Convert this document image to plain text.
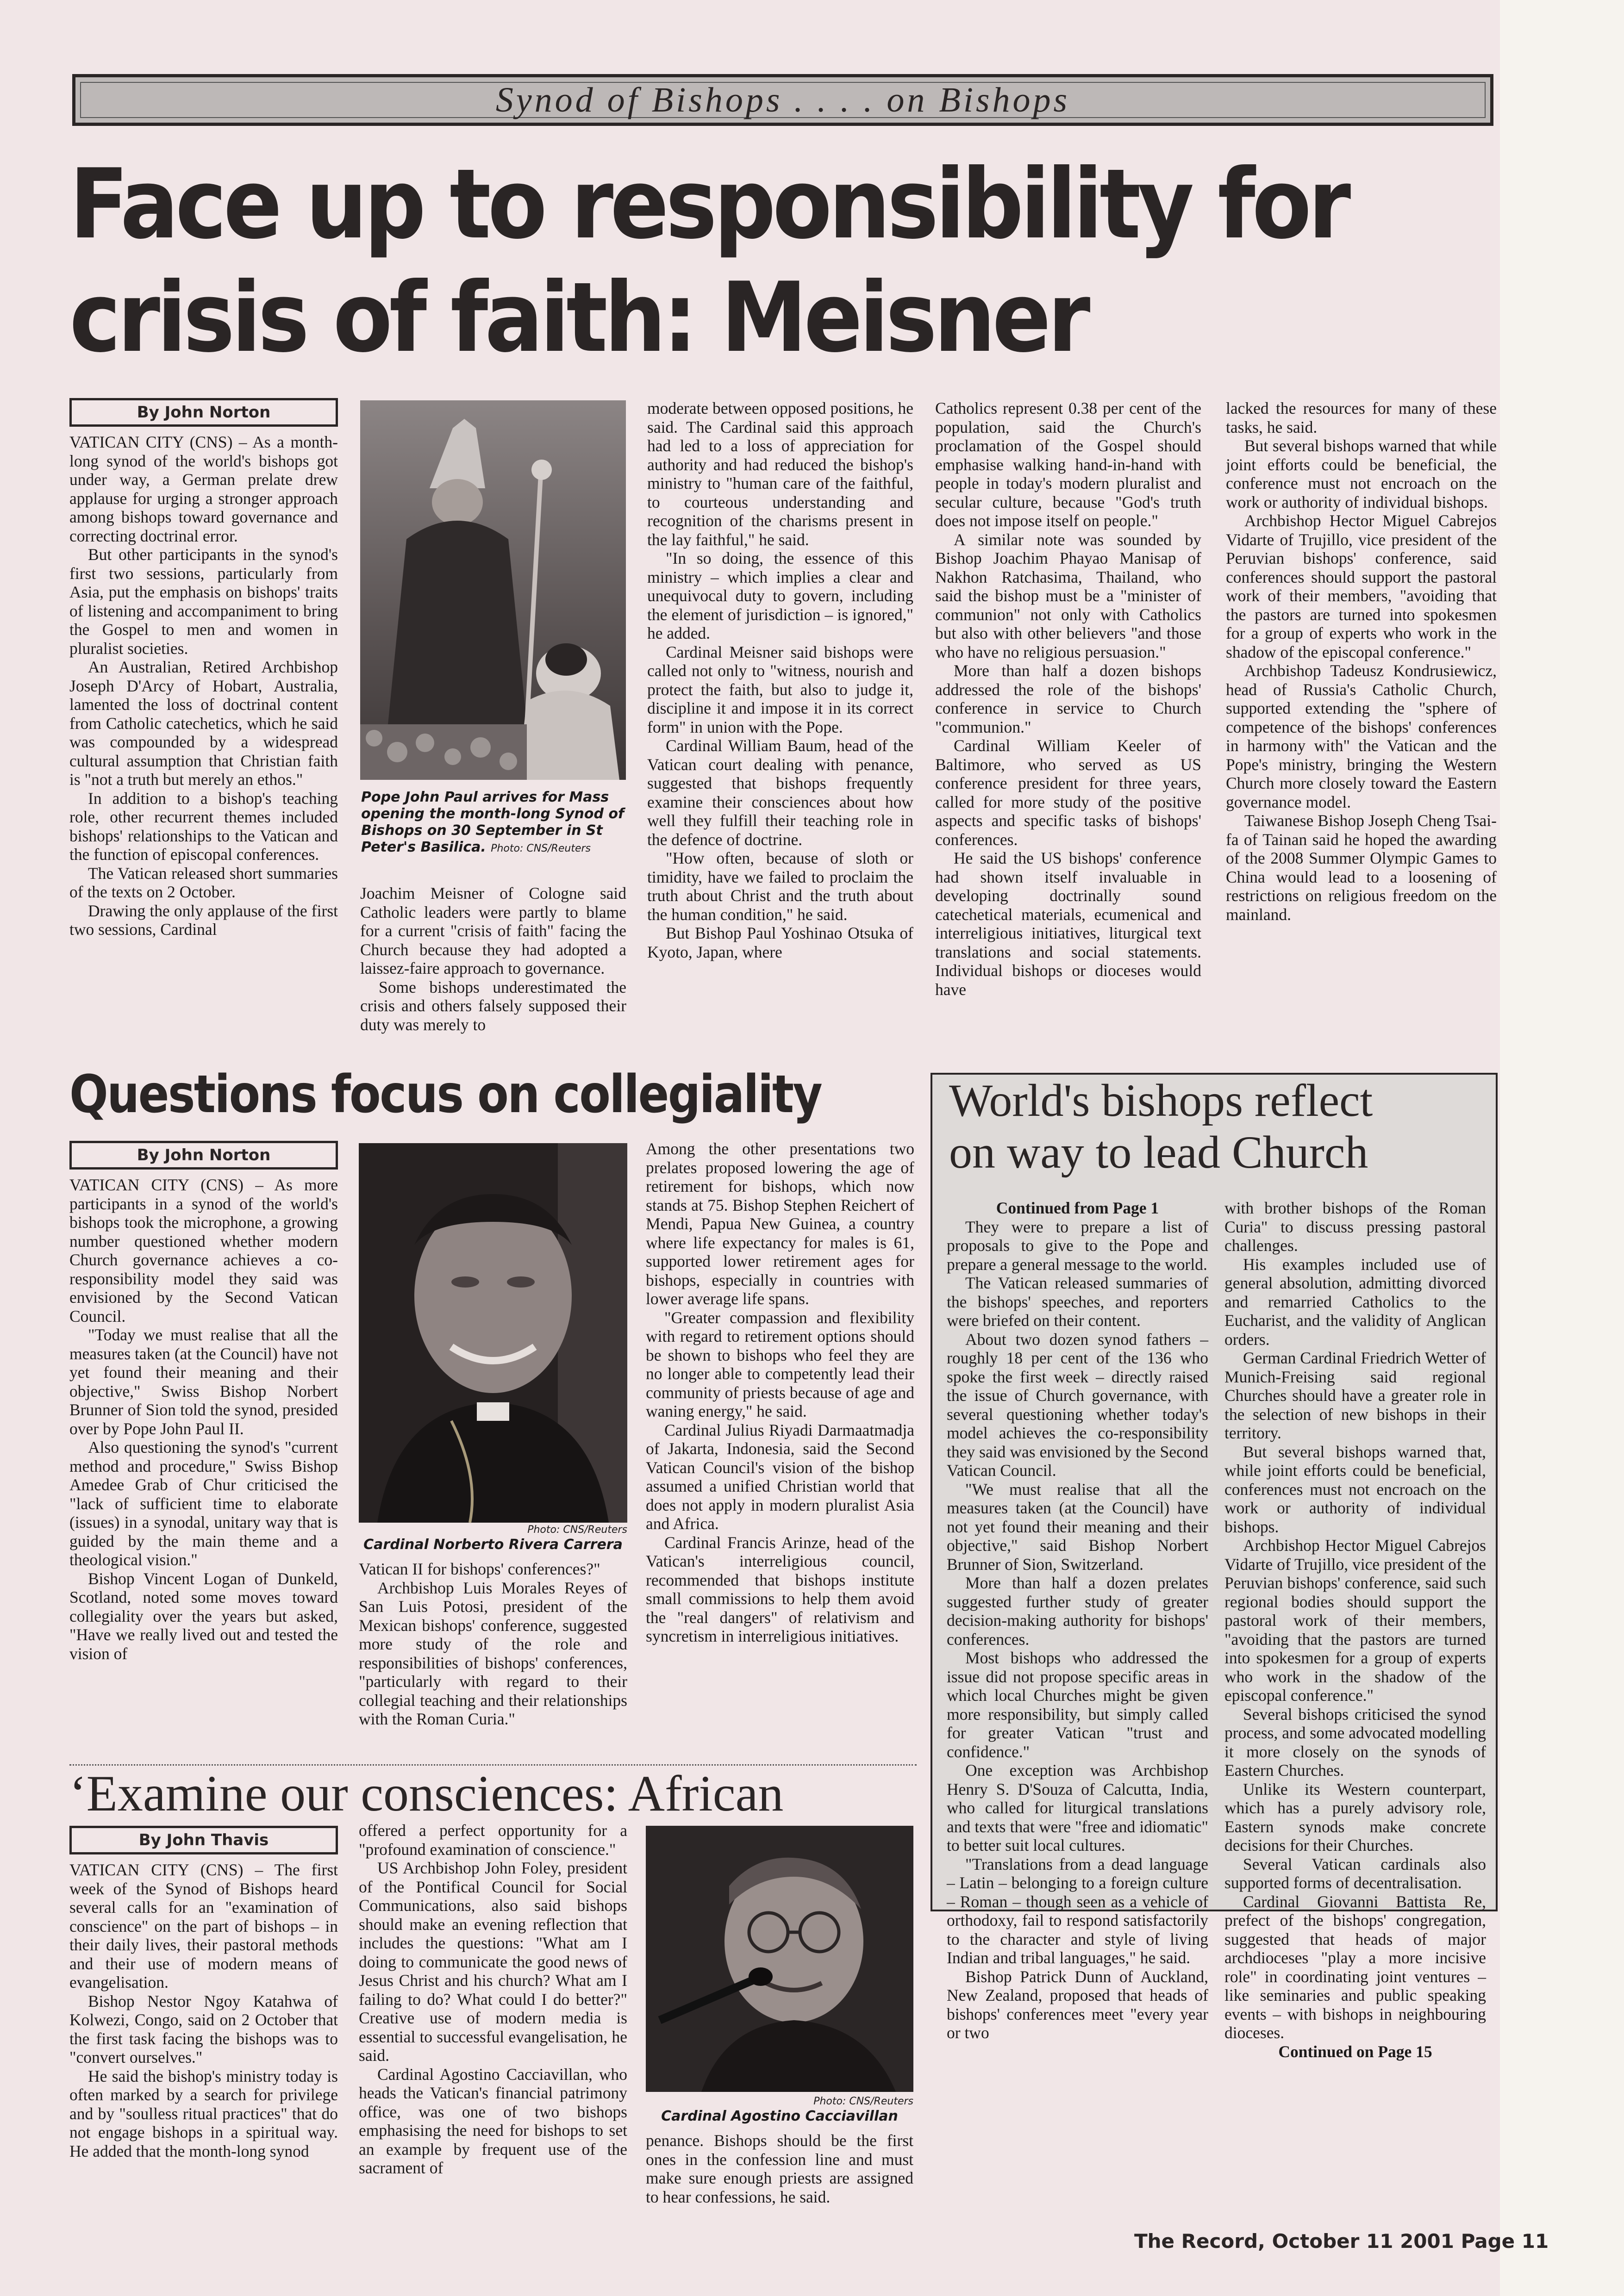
Synod of Bishops . . . . on Bishops
Face up to responsibility for
crisis of faith: Meisner
By John Norton

VATICAN CITY (CNS) – As a month-long synod of the world's bishops got under way, a German prelate drew applause for urging a stronger approach among bishops toward governance and correcting doctrinal error.

But other participants in the synod's first two sessions, particularly from Asia, put the emphasis on bishops' traits of listening and accompaniment to bring the Gospel to men and women in pluralist societies.

An Australian, Retired Archbishop Joseph D'Arcy of Hobart, Australia, lamented the loss of doctrinal content from Catholic catechetics, which he said was compounded by a widespread cultural assumption that Christian faith is "not a truth but merely an ethos."

In addition to a bishop's teaching role, other recurrent themes included bishops' relationships to the Vatican and the function of episcopal conferences.

The Vatican released short summaries of the texts on 2 October.

Drawing the only applause of the first two sessions, Cardinal

Pope John Paul arrives for Mass opening the month-long Synod of Bishops on 30 September in St Peter's Basilica. Photo: CNS/Reuters

Joachim Meisner of Cologne said Catholic leaders were partly to blame for a current "crisis of faith" facing the Church because they had adopted a laissez-faire approach to governance.

Some bishops underestimated the crisis and others falsely supposed their duty was merely to

moderate between opposed positions, he said. The Cardinal said this approach had led to a loss of appreciation for authority and had reduced the bishop's ministry to "human care of the faithful, to courteous understanding and recognition of the charisms present in the lay faithful," he said.

"In so doing, the essence of this ministry – which implies a clear and unequivocal duty to govern, including the element of jurisdiction – is ignored," he added.

Cardinal Meisner said bishops were called not only to "witness, nourish and protect the faith, but also to judge it, discipline it and impose it in its correct form" in union with the Pope.

Cardinal William Baum, head of the Vatican court dealing with penance, suggested that bishops frequently examine their consciences about how well they fulfill their teaching role in the defence of doctrine.

"How often, because of sloth or timidity, have we failed to proclaim the truth about Christ and the truth about the human condition," he said.

But Bishop Paul Yoshinao Otsuka of Kyoto, Japan, where

Catholics represent 0.38 per cent of the population, said the Church's proclamation of the Gospel should emphasise walking hand-in-hand with people in today's modern pluralist and secular culture, because "God's truth does not impose itself on people."

A similar note was sounded by Bishop Joachim Phayao Manisap of Nakhon Ratchasima, Thailand, who said the bishop must be a "minister of communion" not only with Catholics but also with other believers "and those who have no religious persuasion."

More than half a dozen bishops addressed the role of the bishops' conference in service to Church "communion."

Cardinal William Keeler of Baltimore, who served as US conference president for three years, called for more study of the positive aspects and specific tasks of bishops' conferences.

He said the US bishops' conference had shown itself invaluable in developing doctrinally sound catechetical materials, ecumenical and interreligious initiatives, liturgical text translations and social statements. Individual bishops or dioceses would have

lacked the resources for many of these tasks, he said.

But several bishops warned that while joint efforts could be beneficial, the conference must not encroach on the work or authority of individual bishops.

Archbishop Hector Miguel Cabrejos Vidarte of Trujillo, vice president of the Peruvian bishops' conference, said conferences should support the pastoral work of their members, "avoiding that the pastors are turned into spokesmen for a group of experts who work in the shadow of the episcopal conference."

Archbishop Tadeusz Kondrusiewicz, head of Russia's Catholic Church, supported extending the "sphere of competence of the bishops' conferences in harmony with" the Vatican and the Pope's ministry, bringing the Western Church more closely toward the Eastern governance model.

Taiwanese Bishop Joseph Cheng Tsai-fa of Tainan said he hoped the awarding of the 2008 Summer Olympic Games to China would lead to a loosening of restrictions on religious freedom on the mainland.

Questions focus on collegiality
By John Norton

VATICAN CITY (CNS) – As more participants in a synod of the world's bishops took the microphone, a growing number questioned whether modern Church governance achieves a co-responsibility model they said was envisioned by the Second Vatican Council.

"Today we must realise that all the measures taken (at the Council) have not yet found their meaning and their objective," Swiss Bishop Norbert Brunner of Sion told the synod, presided over by Pope John Paul II.

Also questioning the synod's "current method and procedure," Swiss Bishop Amedee Grab of Chur criticised the "lack of sufficient time to elaborate (issues) in a synodal, unitary way that is guided by the main theme and a theological vision."

Bishop Vincent Logan of Dunkeld, Scotland, noted some moves toward collegiality over the years but asked, "Have we really lived out and tested the vision of

Photo: CNS/Reuters
Cardinal Norberto Rivera Carrera

Vatican II for bishops' conferences?"

Archbishop Luis Morales Reyes of San Luis Potosi, president of the Mexican bishops' conference, suggested more study of the role and responsibilities of bishops' conferences, "particularly with regard to their collegial teaching and their relationships with the Roman Curia."

Among the other presentations two prelates proposed lowering the age of retirement for bishops, which now stands at 75. Bishop Stephen Reichert of Mendi, Papua New Guinea, a country where life expectancy for males is 61, supported lower retirement ages for bishops, especially in countries with lower average life spans.

"Greater compassion and flexibility with regard to retirement options should be shown to bishops who feel they are no longer able to competently lead their community of priests because of age and waning energy," he said.

Cardinal Julius Riyadi Darmaatmadja of Jakarta, Indonesia, said the Second Vatican Council's vision of the bishop assumed a unified Christian world that does not apply in modern pluralist Asia and Africa.

Cardinal Francis Arinze, head of the Vatican's interreligious council, recommended that bishops institute small commissions to help them avoid the "real dangers" of relativism and syncretism in interreligious initiatives.

‘Examine our consciences: African
By John Thavis

VATICAN CITY (CNS) – The first week of the Synod of Bishops heard several calls for an "examination of conscience" on the part of bishops – in their daily lives, their pastoral methods and their use of modern means of evangelisation.

Bishop Nestor Ngoy Katahwa of Kolwezi, Congo, said on 2 October that the first task facing the bishops was to "convert ourselves."

He said the bishop's ministry today is often marked by a search for privilege and by "soulless ritual practices" that do not engage bishops in a spiritual way. He added that the month-long synod

offered a perfect opportunity for a "profound examination of conscience."

US Archbishop John Foley, president of the Pontifical Council for Social Communications, also said bishops should make an evening reflection that includes the questions: "What am I doing to communicate the good news of Jesus Christ and his church? What am I failing to do? What could I do better?" Creative use of modern media is essential to successful evangelisation, he said.

Cardinal Agostino Cacciavillan, who heads the Vatican's financial patrimony office, was one of two bishops emphasising the need for bishops to set an example by frequent use of the sacrament of

Photo: CNS/Reuters
Cardinal Agostino Cacciavillan

penance. Bishops should be the first ones in the confession line and must make sure enough priests are assigned to hear confessions, he said.

World's bishops reflect
on way to lead Church

Continued from Page 1

They were to prepare a list of proposals to give to the Pope and prepare a general message to the world.

The Vatican released summaries of the bishops' speeches, and reporters were briefed on their content.

About two dozen synod fathers – roughly 18 per cent of the 136 who spoke the first week – directly raised the issue of Church governance, with several questioning whether today's model achieves the co-responsibility they said was envisioned by the Second Vatican Council.

"We must realise that all the measures taken (at the Council) have not yet found their meaning and their objective," said Bishop Norbert Brunner of Sion, Switzerland.

More than half a dozen prelates suggested further study of greater decision-making authority for bishops' conferences.

Most bishops who addressed the issue did not propose specific areas in which local Churches might be given more responsibility, but simply called for greater Vatican "trust and confidence."

One exception was Archbishop Henry S. D'Souza of Calcutta, India, who called for liturgical translations and texts that were "free and idiomatic" to better suit local cultures.

"Translations from a dead language – Latin – belonging to a foreign culture – Roman – though seen as a vehicle of orthodoxy, fail to respond satisfactorily to the character and style of living Indian and tribal languages," he said.

Bishop Patrick Dunn of Auckland, New Zealand, proposed that heads of bishops' conferences meet "every year or two

with brother bishops of the Roman Curia" to discuss pressing pastoral challenges.

His examples included use of general absolution, admitting divorced and remarried Catholics to the Eucharist, and the validity of Anglican orders.

German Cardinal Friedrich Wetter of Munich-Freising said regional Churches should have a greater role in the selection of new bishops in their territory.

But several bishops warned that, while joint efforts could be beneficial, conferences must not encroach on the work or authority of individual bishops.

Archbishop Hector Miguel Cabrejos Vidarte of Trujillo, vice president of the Peruvian bishops' conference, said such regional bodies should support the pastoral work of their members, "avoiding that the pastors are turned into spokesmen for a group of experts who work in the shadow of the episcopal conference."

Several bishops criticised the synod process, and some advocated modelling it more closely on the synods of Eastern Churches.

Unlike its Western counterpart, which has a purely advisory role, Eastern synods make concrete decisions for their Churches.

Several Vatican cardinals also supported forms of decentralisation.

Cardinal Giovanni Battista Re, prefect of the bishops' congregation, suggested that heads of major archdioceses "play a more incisive role" in coordinating joint ventures – like seminaries and public speaking events – with bishops in neighbouring dioceses.

Continued on Page 15

The Record, October 11 2001 Page 11
